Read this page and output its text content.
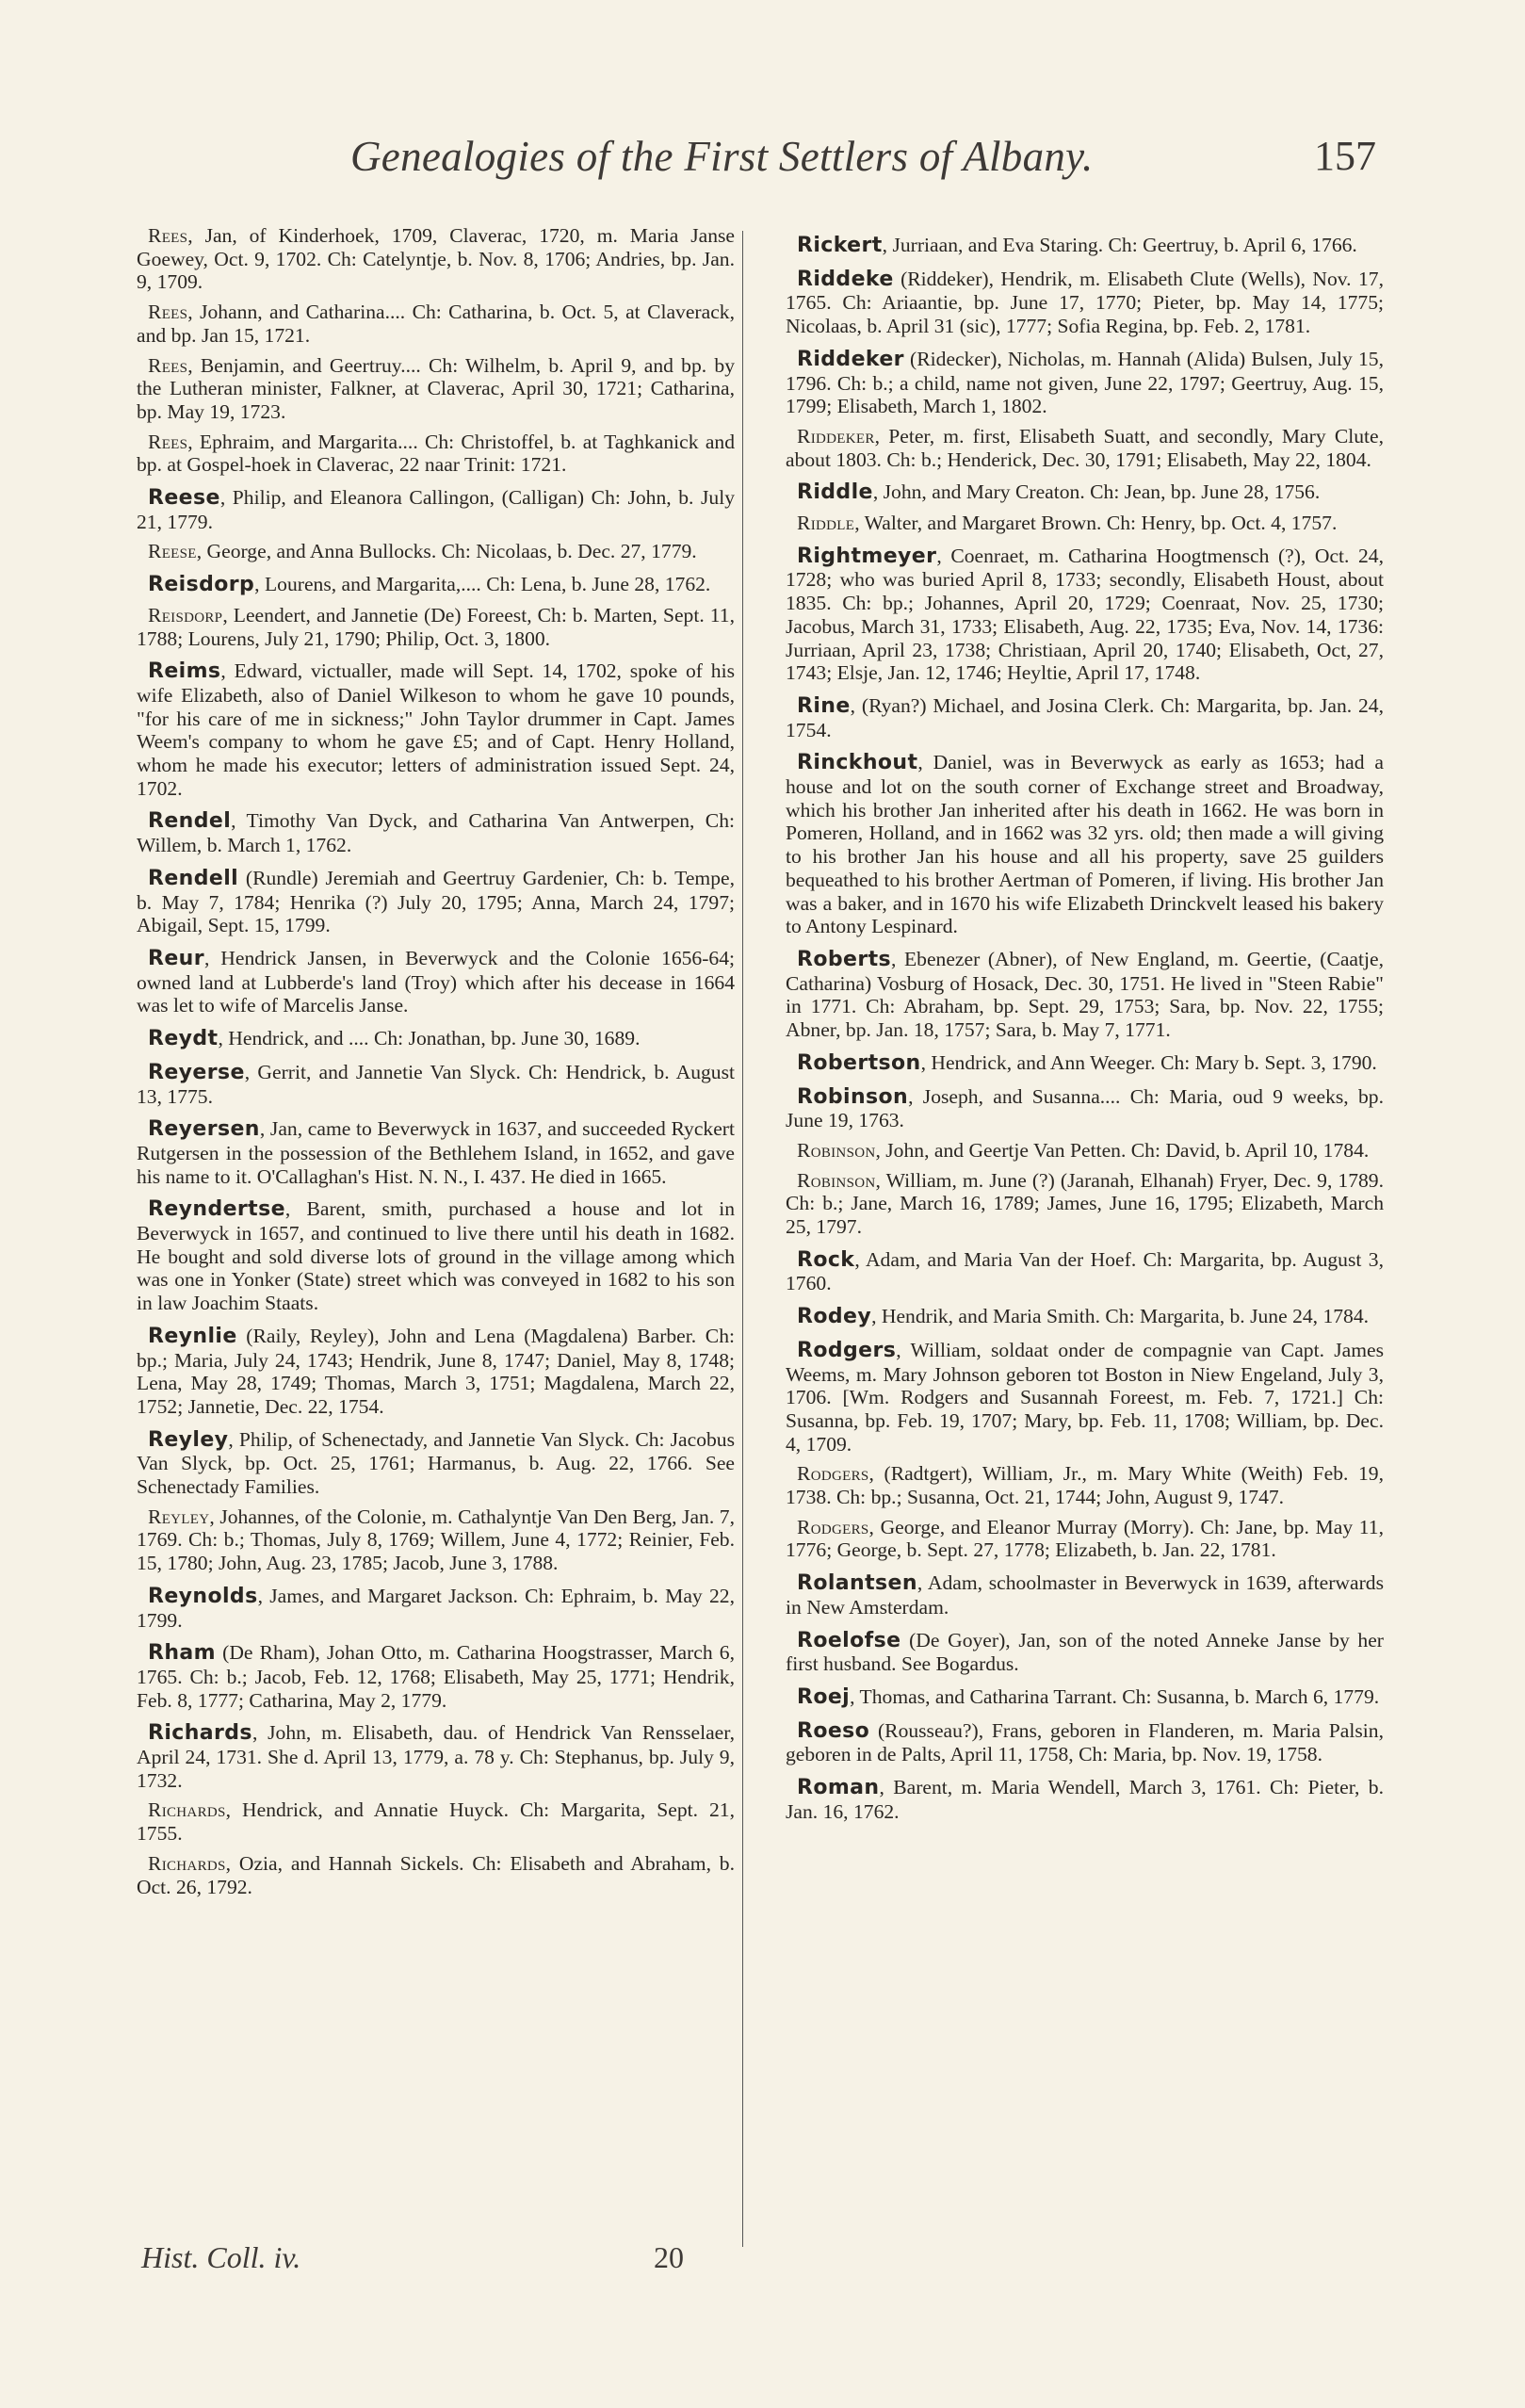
Genealogies of the First Settlers of Albany.	157

Rees, Jan, of Kinderhoek, 1709, Claverac, 1720, m. Maria Janse Goewey, Oct. 9, 1702. Ch: Catelyntje, b. Nov. 8, 1706; Andries, bp. Jan. 9, 1709.

Rees, Johann, and Catharina.... Ch: Catharina, b. Oct. 5, at Claverack, and bp. Jan 15, 1721.

Rees, Benjamin, and Geertruy.... Ch: Wilhelm, b. April 9, and bp. by the Lutheran minister, Falkner, at Claverac, April 30, 1721; Catharina, bp. May 19, 1723.

Rees, Ephraim, and Margarita.... Ch: Christoffel, b. at Taghkanick and bp. at Gospel-hoek in Claverac, 22 naar Trinit: 1721.

Reese, Philip, and Eleanora Callingon, (Calligan) Ch: John, b. July 21, 1779.

Reese, George, and Anna Bullocks. Ch: Nicolaas, b. Dec. 27, 1779.

Reisdorp, Lourens, and Margarita,.... Ch: Lena, b. June 28, 1762.

Reisdorp, Leendert, and Jannetie (De) Foreest, Ch: b. Marten, Sept. 11, 1788; Lourens, July 21, 1790; Philip, Oct. 3, 1800.

Reims, Edward, victualler, made will Sept. 14, 1702, spoke of his wife Elizabeth, also of Daniel Wilkeson to whom he gave 10 pounds, "for his care of me in sickness;" John Taylor drummer in Capt. James Weem's company to whom he gave £5; and of Capt. Henry Holland, whom he made his executor; letters of administration issued Sept. 24, 1702.

Rendel, Timothy Van Dyck, and Catharina Van Antwerpen, Ch: Willem, b. March 1, 1762.

Rendell (Rundle) Jeremiah and Geertruy Gardenier, Ch: b. Tempe, b. May 7, 1784; Henrika (?) July 20, 1795; Anna, March 24, 1797; Abigail, Sept. 15, 1799.

Reur, Hendrick Jansen, in Beverwyck and the Colonie 1656-64; owned land at Lubberde's land (Troy) which after his decease in 1664 was let to wife of Marcelis Janse.

Reydt, Hendrick, and .... Ch: Jonathan, bp. June 30, 1689.

Reyerse, Gerrit, and Jannetie Van Slyck. Ch: Hendrick, b. August 13, 1775.

Reyersen, Jan, came to Beverwyck in 1637, and succeeded Ryckert Rutgersen in the possession of the Bethlehem Island, in 1652, and gave his name to it. O'Callaghan's Hist. N. N., I. 437. He died in 1665.

Reyndertse, Barent, smith, purchased a house and lot in Beverwyck in 1657, and continued to live there until his death in 1682. He bought and sold diverse lots of ground in the village among which was one in Yonker (State) street which was conveyed in 1682 to his son in law Joachim Staats.

Reynlie (Raily, Reyley), John and Lena (Magdalena) Barber. Ch: bp.; Maria, July 24, 1743; Hendrik, June 8, 1747; Daniel, May 8, 1748; Lena, May 28, 1749; Thomas, March 3, 1751; Magdalena, March 22, 1752; Jannetie, Dec. 22, 1754.

Reyley, Philip, of Schenectady, and Jannetie Van Slyck. Ch: Jacobus Van Slyck, bp. Oct. 25, 1761; Harmanus, b. Aug. 22, 1766. See Schenectady Families.

Reyley, Johannes, of the Colonie, m. Cathalyntje Van Den Berg, Jan. 7, 1769. Ch: b.; Thomas, July 8, 1769; Willem, June 4, 1772; Reinier, Feb. 15, 1780; John, Aug. 23, 1785; Jacob, June 3, 1788.

Reynolds, James, and Margaret Jackson. Ch: Ephraim, b. May 22, 1799.

Rham (De Rham), Johan Otto, m. Catharina Hoogstrasser, March 6, 1765. Ch: b.; Jacob, Feb. 12, 1768; Elisabeth, May 25, 1771; Hendrik, Feb. 8, 1777; Catharina, May 2, 1779.

Richards, John, m. Elisabeth, dau. of Hendrick Van Rensselaer, April 24, 1731. She d. April 13, 1779, a. 78 y. Ch: Stephanus, bp. July 9, 1732.

Richards, Hendrick, and Annatie Huyck. Ch: Margarita, Sept. 21, 1755.

Richards, Ozia, and Hannah Sickels. Ch: Elisabeth and Abraham, b. Oct. 26, 1792.

Rickert, Jurriaan, and Eva Staring. Ch: Geertruy, b. April 6, 1766.

Riddeke (Riddeker), Hendrik, m. Elisabeth Clute (Wells), Nov. 17, 1765. Ch: Ariaantie, bp. June 17, 1770; Pieter, bp. May 14, 1775; Nicolaas, b. April 31 (sic), 1777; Sofia Regina, bp. Feb. 2, 1781.

Riddeker (Ridecker), Nicholas, m. Hannah (Alida) Bulsen, July 15, 1796. Ch: b.; a child, name not given, June 22, 1797; Geertruy, Aug. 15, 1799; Elisabeth, March 1, 1802.

Riddeker, Peter, m. first, Elisabeth Suatt, and secondly, Mary Clute, about 1803. Ch: b.; Henderick, Dec. 30, 1791; Elisabeth, May 22, 1804.

Riddle, John, and Mary Creaton. Ch: Jean, bp. June 28, 1756.

Riddle, Walter, and Margaret Brown. Ch: Henry, bp. Oct. 4, 1757.

Rightmeyer, Coenraet, m. Catharina Hoogtmensch (?), Oct. 24, 1728; who was buried April 8, 1733; secondly, Elisabeth Houst, about 1835. Ch: bp.; Johannes, April 20, 1729; Coenraat, Nov. 25, 1730; Jacobus, March 31, 1733; Elisabeth, Aug. 22, 1735; Eva, Nov. 14, 1736: Jurriaan, April 23, 1738; Christiaan, April 20, 1740; Elisabeth, Oct, 27, 1743; Elsje, Jan. 12, 1746; Heyltie, April 17, 1748.

Rine, (Ryan?) Michael, and Josina Clerk. Ch: Margarita, bp. Jan. 24, 1754.

Rinckhout, Daniel, was in Beverwyck as early as 1653; had a house and lot on the south corner of Exchange street and Broadway, which his brother Jan inherited after his death in 1662. He was born in Pomeren, Holland, and in 1662 was 32 yrs. old; then made a will giving to his brother Jan his house and all his property, save 25 guilders bequeathed to his brother Aertman of Pomeren, if living. His brother Jan was a baker, and in 1670 his wife Elizabeth Drinckvelt leased his bakery to Antony Lespinard.

Roberts, Ebenezer (Abner), of New England, m. Geertie, (Caatje, Catharina) Vosburg of Hosack, Dec. 30, 1751. He lived in "Steen Rabie" in 1771. Ch: Abraham, bp. Sept. 29, 1753; Sara, bp. Nov. 22, 1755; Abner, bp. Jan. 18, 1757; Sara, b. May 7, 1771.

Robertson, Hendrick, and Ann Weeger. Ch: Mary b. Sept. 3, 1790.

Robinson, Joseph, and Susanna.... Ch: Maria, oud 9 weeks, bp. June 19, 1763.

Robinson, John, and Geertje Van Petten. Ch: David, b. April 10, 1784.

Robinson, William, m. June (?) (Jaranah, Elhanah) Fryer, Dec. 9, 1789. Ch: b.; Jane, March 16, 1789; James, June 16, 1795; Elizabeth, March 25, 1797.

Rock, Adam, and Maria Van der Hoef. Ch: Margarita, bp. August 3, 1760.

Rodey, Hendrik, and Maria Smith. Ch: Margarita, b. June 24, 1784.

Rodgers, William, soldaat onder de compagnie van Capt. James Weems, m. Mary Johnson geboren tot Boston in Niew Engeland, July 3, 1706. [Wm. Rodgers and Susannah Foreest, m. Feb. 7, 1721.] Ch: Susanna, bp. Feb. 19, 1707; Mary, bp. Feb. 11, 1708; William, bp. Dec. 4, 1709.

Rodgers, (Radtgert), William, Jr., m. Mary White (Weith) Feb. 19, 1738. Ch: bp.; Susanna, Oct. 21, 1744; John, August 9, 1747.

Rodgers, George, and Eleanor Murray (Morry). Ch: Jane, bp. May 11, 1776; George, b. Sept. 27, 1778; Elizabeth, b. Jan. 22, 1781.

Rolantsen, Adam, schoolmaster in Beverwyck in 1639, afterwards in New Amsterdam.

Roelofse (De Goyer), Jan, son of the noted Anneke Janse by her first husband. See Bogardus.

Roej, Thomas, and Catharina Tarrant. Ch: Susanna, b. March 6, 1779.

Roeso (Rousseau?), Frans, geboren in Flanderen, m. Maria Palsin, geboren in de Palts, April 11, 1758, Ch: Maria, bp. Nov. 19, 1758.

Roman, Barent, m. Maria Wendell, March 3, 1761. Ch: Pieter, b. Jan. 16, 1762.

Hist. Coll. iv.	20
